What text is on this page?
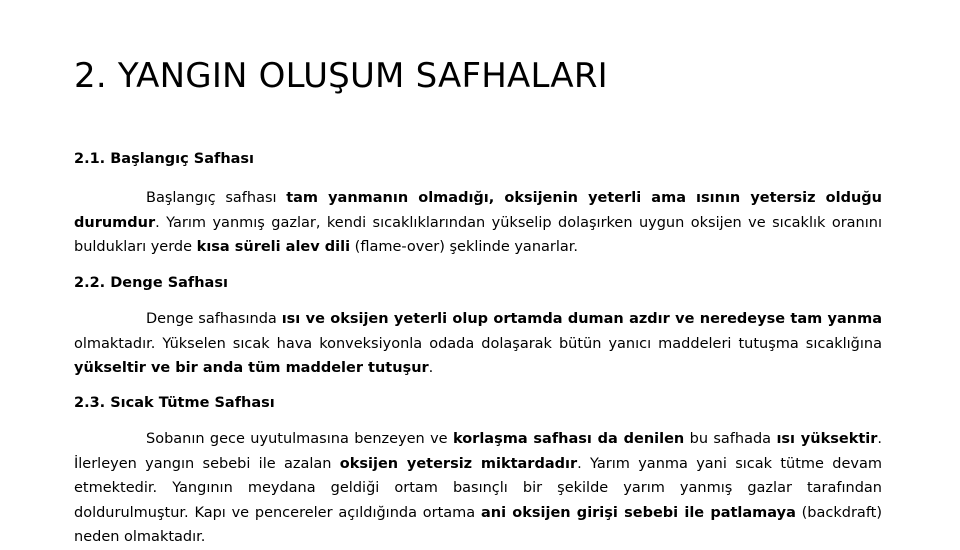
2. YANGIN OLUŞUM SAFHALARI
2.1. Başlangıç Safhası

Başlangıç safhası tam yanmanın olmadığı, oksijenin yeterli ama ısının yetersiz olduğu durumdur. Yarım yanmış gazlar, kendi sıcaklıklarından yükselip dolaşırken uygun oksijen ve sıcaklık oranını buldukları yerde kısa süreli alev dili (flame-over) şeklinde yanarlar.

2.2. Denge Safhası

Denge safhasında ısı ve oksijen yeterli olup ortamda duman azdır ve neredeyse tam yanma olmaktadır. Yükselen sıcak hava konveksiyonla odada dolaşarak bütün yanıcı maddeleri tutuşma sıcaklığına yükseltir ve bir anda tüm maddeler tutuşur.

2.3. Sıcak Tütme Safhası

Sobanın gece uyutulmasına benzeyen ve korlaşma safhası da denilen bu safhada ısı yüksektir. İlerleyen yangın sebebi ile azalan oksijen yetersiz miktardadır. Yarım yanma yani sıcak tütme devam etmektedir. Yangının meydana geldiği ortam basınçlı bir şekilde yarım yanmış gazlar tarafından doldurulmuştur. Kapı ve pencereler açıldığında ortama ani oksijen girişi sebebi ile patlamaya (backdraft) neden olmaktadır.
